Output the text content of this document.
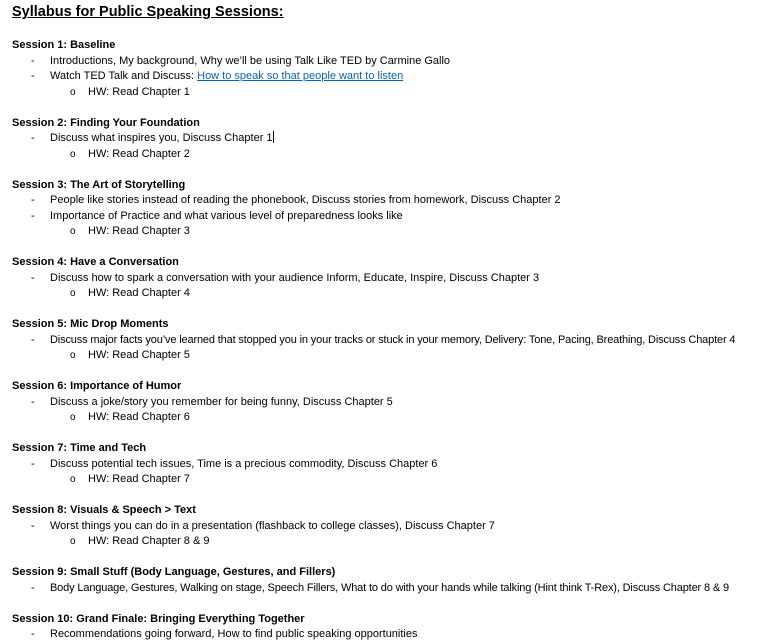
Syllabus for Public Speaking Sessions:
Session 1: Baseline
- Introductions, My background, Why we’ll be using Talk Like TED by Carmine Gallo
- Watch TED Talk and Discuss: How to speak so that people want to listen
o HW: Read Chapter 1
Session 2: Finding Your Foundation
- Discuss what inspires you, Discuss Chapter 1
o HW: Read Chapter 2
Session 3: The Art of Storytelling
- People like stories instead of reading the phonebook, Discuss stories from homework, Discuss Chapter 2
- Importance of Practice and what various level of preparedness looks like
o HW: Read Chapter 3
Session 4: Have a Conversation
- Discuss how to spark a conversation with your audience Inform, Educate, Inspire, Discuss Chapter 3
o HW: Read Chapter 4
Session 5: Mic Drop Moments
- Discuss major facts you’ve learned that stopped you in your tracks or stuck in your memory, Delivery: Tone, Pacing, Breathing, Discuss Chapter 4
o HW: Read Chapter 5
Session 6: Importance of Humor
- Discuss a joke/story you remember for being funny, Discuss Chapter 5
o HW: Read Chapter 6
Session 7: Time and Tech
- Discuss potential tech issues, Time is a precious commodity, Discuss Chapter 6
o HW: Read Chapter 7
Session 8: Visuals & Speech > Text
- Worst things you can do in a presentation (flashback to college classes), Discuss Chapter 7
o HW: Read Chapter 8 & 9
Session 9: Small Stuff (Body Language, Gestures, and Fillers)
- Body Language, Gestures, Walking on stage, Speech Fillers, What to do with your hands while talking (Hint think T-Rex), Discuss Chapter 8 & 9
Session 10: Grand Finale: Bringing Everything Together
- Recommendations going forward, How to find public speaking opportunities
